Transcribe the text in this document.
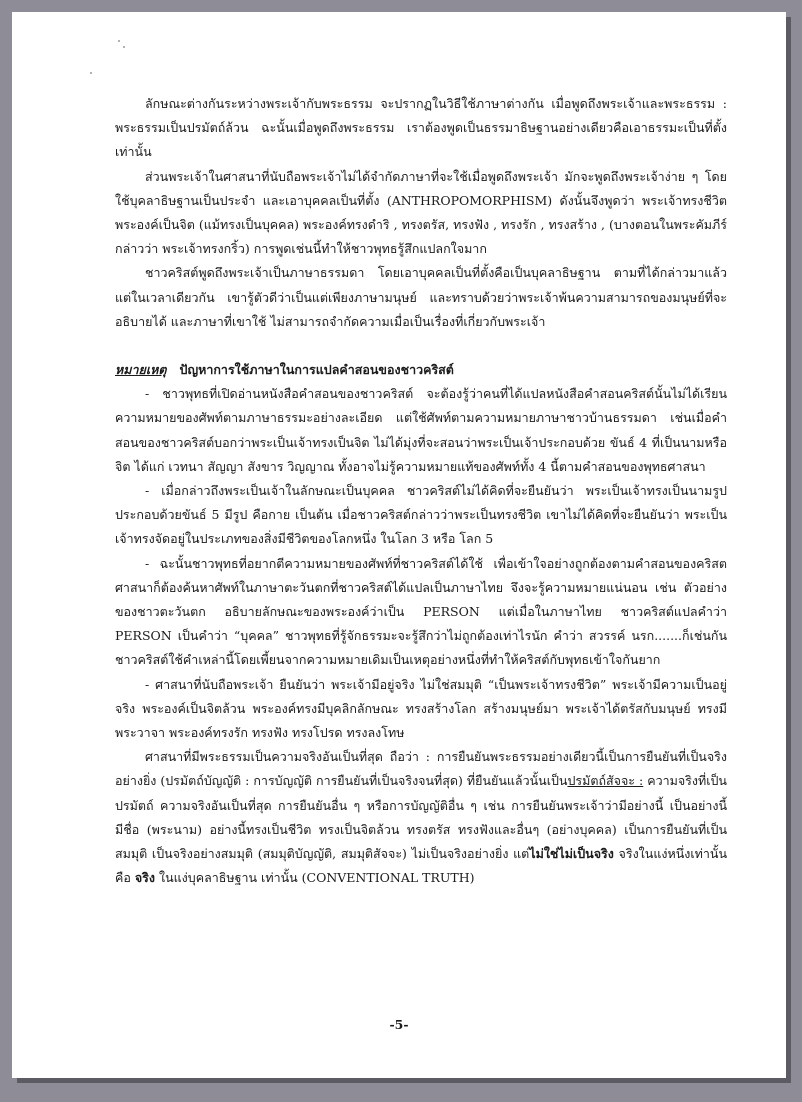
ลักษณะต่างกันระหว่างพระเจ้ากับพระธรรม จะปรากฏในวิธีใช้ภาษาต่างกัน เมื่อพูดถึงพระเจ้าและพระธรรม : พระธรรมเป็นปรมัตถ์ล้วน ฉะนั้นเมื่อพูดถึงพระธรรม เราต้องพูดเป็นธรรมาธิษฐานอย่างเดียวคือเอาธรรมะเป็นที่ตั้งเท่านั้น

ส่วนพระเจ้าในศาสนาที่นับถือพระเจ้าไม่ได้จำกัดภาษาที่จะใช้เมื่อพูดถึงพระเจ้า มักจะพูดถึงพระเจ้าง่าย ๆ โดยใช้บุคลาธิษฐานเป็นประจำ และเอาบุคคลเป็นที่ตั้ง (ANTHROPOMORPHISM) ดังนั้นจึงพูดว่า พระเจ้าทรงชีวิต พระองค์เป็นจิต (แม้ทรงเป็นบุคคล) พระองค์ทรงดำริ , ทรงตรัส, ทรงฟัง , ทรงรัก , ทรงสร้าง , (บางตอนในพระคัมภีร์กล่าวว่า พระเจ้าทรงกริ้ว) การพูดเช่นนี้ทำให้ชาวพุทธรู้สึกแปลกใจมาก

ชาวคริสต์พูดถึงพระเจ้าเป็นภาษาธรรมดา โดยเอาบุคคลเป็นที่ตั้งคือเป็นบุคลาธิษฐาน ตามที่ได้กล่าวมาแล้ว แต่ในเวลาเดียวกัน เขารู้ตัวดีว่าเป็นแต่เพียงภาษามนุษย์ และทราบด้วยว่าพระเจ้าพ้นความสามารถของมนุษย์ที่จะอธิบายได้ และภาษาที่เขาใช้ ไม่สามารถจำกัดความเมื่อเป็นเรื่องที่เกี่ยวกับพระเจ้า

หมายเหตุ ปัญหาการใช้ภาษาในการแปลคำสอนของชาวคริสต์

- ชาวพุทธที่เปิดอ่านหนังสือคำสอนของชาวคริสต์ จะต้องรู้ว่าคนที่ได้แปลหนังสือคำสอนคริสต์นั้นไม่ได้เรียนความหมายของศัพท์ตามภาษาธรรมะอย่างละเอียด แต่ใช้ศัพท์ตามความหมายภาษาชาวบ้านธรรมดา เช่นเมื่อคำสอนของชาวคริสต์บอกว่าพระเป็นเจ้าทรงเป็นจิต ไม่ได้มุ่งที่จะสอนว่าพระเป็นเจ้าประกอบด้วย ขันธ์ 4 ที่เป็นนามหรือจิต ได้แก่ เวทนา สัญญา สังขาร วิญญาณ ทั้งอาจไม่รู้ความหมายแท้ของศัพท์ทั้ง 4 นี้ตามคำสอนของพุทธศาสนา

- เมื่อกล่าวถึงพระเป็นเจ้าในลักษณะเป็นบุคคล ชาวคริสต์ไม่ได้คิดที่จะยืนยันว่า พระเป็นเจ้าทรงเป็นนามรูป ประกอบด้วยขันธ์ 5 มีรูป คือกาย เป็นต้น เมื่อชาวคริสต์กล่าวว่าพระเป็นทรงชีวิต เขาไม่ได้คิดที่จะยืนยันว่า พระเป็นเจ้าทรงจัดอยู่ในประเภทของสิ่งมีชีวิตของโลกหนึ่ง ในโลก 3 หรือ โลก 5

- ฉะนั้นชาวพุทธที่อยากตีความหมายของศัพท์ที่ชาวคริสต์ได้ใช้ เพื่อเข้าใจอย่างถูกต้องตามคำสอนของคริสตศาสนาก็ต้องค้นหาศัพท์ในภาษาตะวันตกที่ชาวคริสต์ได้แปลเป็นภาษาไทย จึงจะรู้ความหมายแน่นอน เช่น ตัวอย่างของชาวตะวันตก อธิบายลักษณะของพระองค์ว่าเป็น PERSON แต่เมื่อในภาษาไทย ชาวคริสต์แปลคำว่า PERSON เป็นคำว่า “บุคคล” ชาวพุทธที่รู้จักธรรมะจะรู้สึกว่าไม่ถูกต้องเท่าไรนัก คำว่า สวรรค์ นรก.......ก็เช่นกัน ชาวคริสต์ใช้คำเหล่านี้โดยเพี้ยนจากความหมายเดิมเป็นเหตุอย่างหนึ่งที่ทำให้คริสต์กับพุทธเข้าใจกันยาก

- ศาสนาที่นับถือพระเจ้า ยืนยันว่า พระเจ้ามีอยู่จริง ไม่ใช่สมมุติ “เป็นพระเจ้าทรงชีวิต” พระเจ้ามีความเป็นอยู่จริง พระองค์เป็นจิตล้วน พระองค์ทรงมีบุคลิกลักษณะ ทรงสร้างโลก สร้างมนุษย์มา พระเจ้าได้ตรัสกับมนุษย์ ทรงมีพระวาจา พระองค์ทรงรัก ทรงฟัง ทรงโปรด ทรงลงโทษ

ศาสนาที่มีพระธรรมเป็นความจริงอันเป็นที่สุด ถือว่า : การยืนยันพระธรรมอย่างเดียวนี้เป็นการยืนยันที่เป็นจริงอย่างยิ่ง (ปรมัตถ์บัญญัติ : การบัญญัติ การยืนยันที่เป็นจริงจนที่สุด) ที่ยืนยันแล้วนั้นเป็นปรมัตถ์สัจจะ : ความจริงที่เป็นปรมัตถ์ ความจริงอันเป็นที่สุด การยืนยันอื่น ๆ หรือการบัญญัติอื่น ๆ เช่น การยืนยันพระเจ้าว่ามีอย่างนี้ เป็นอย่างนี้ มีชื่อ (พระนาม) อย่างนี้ทรงเป็นชีวิต ทรงเป็นจิตล้วน ทรงตรัส ทรงฟังและอื่นๆ (อย่างบุคคล) เป็นการยืนยันที่เป็นสมมุติ เป็นจริงอย่างสมมุติ (สมมุติบัญญัติ, สมมุติสัจจะ) ไม่เป็นจริงอย่างยิ่ง แต่ไม่ใช่ไม่เป็นจริง จริงในแง่หนึ่งเท่านั้นคือ จริง ในแง่บุคลาธิษฐาน เท่านั้น (CONVENTIONAL TRUTH)

-5-
